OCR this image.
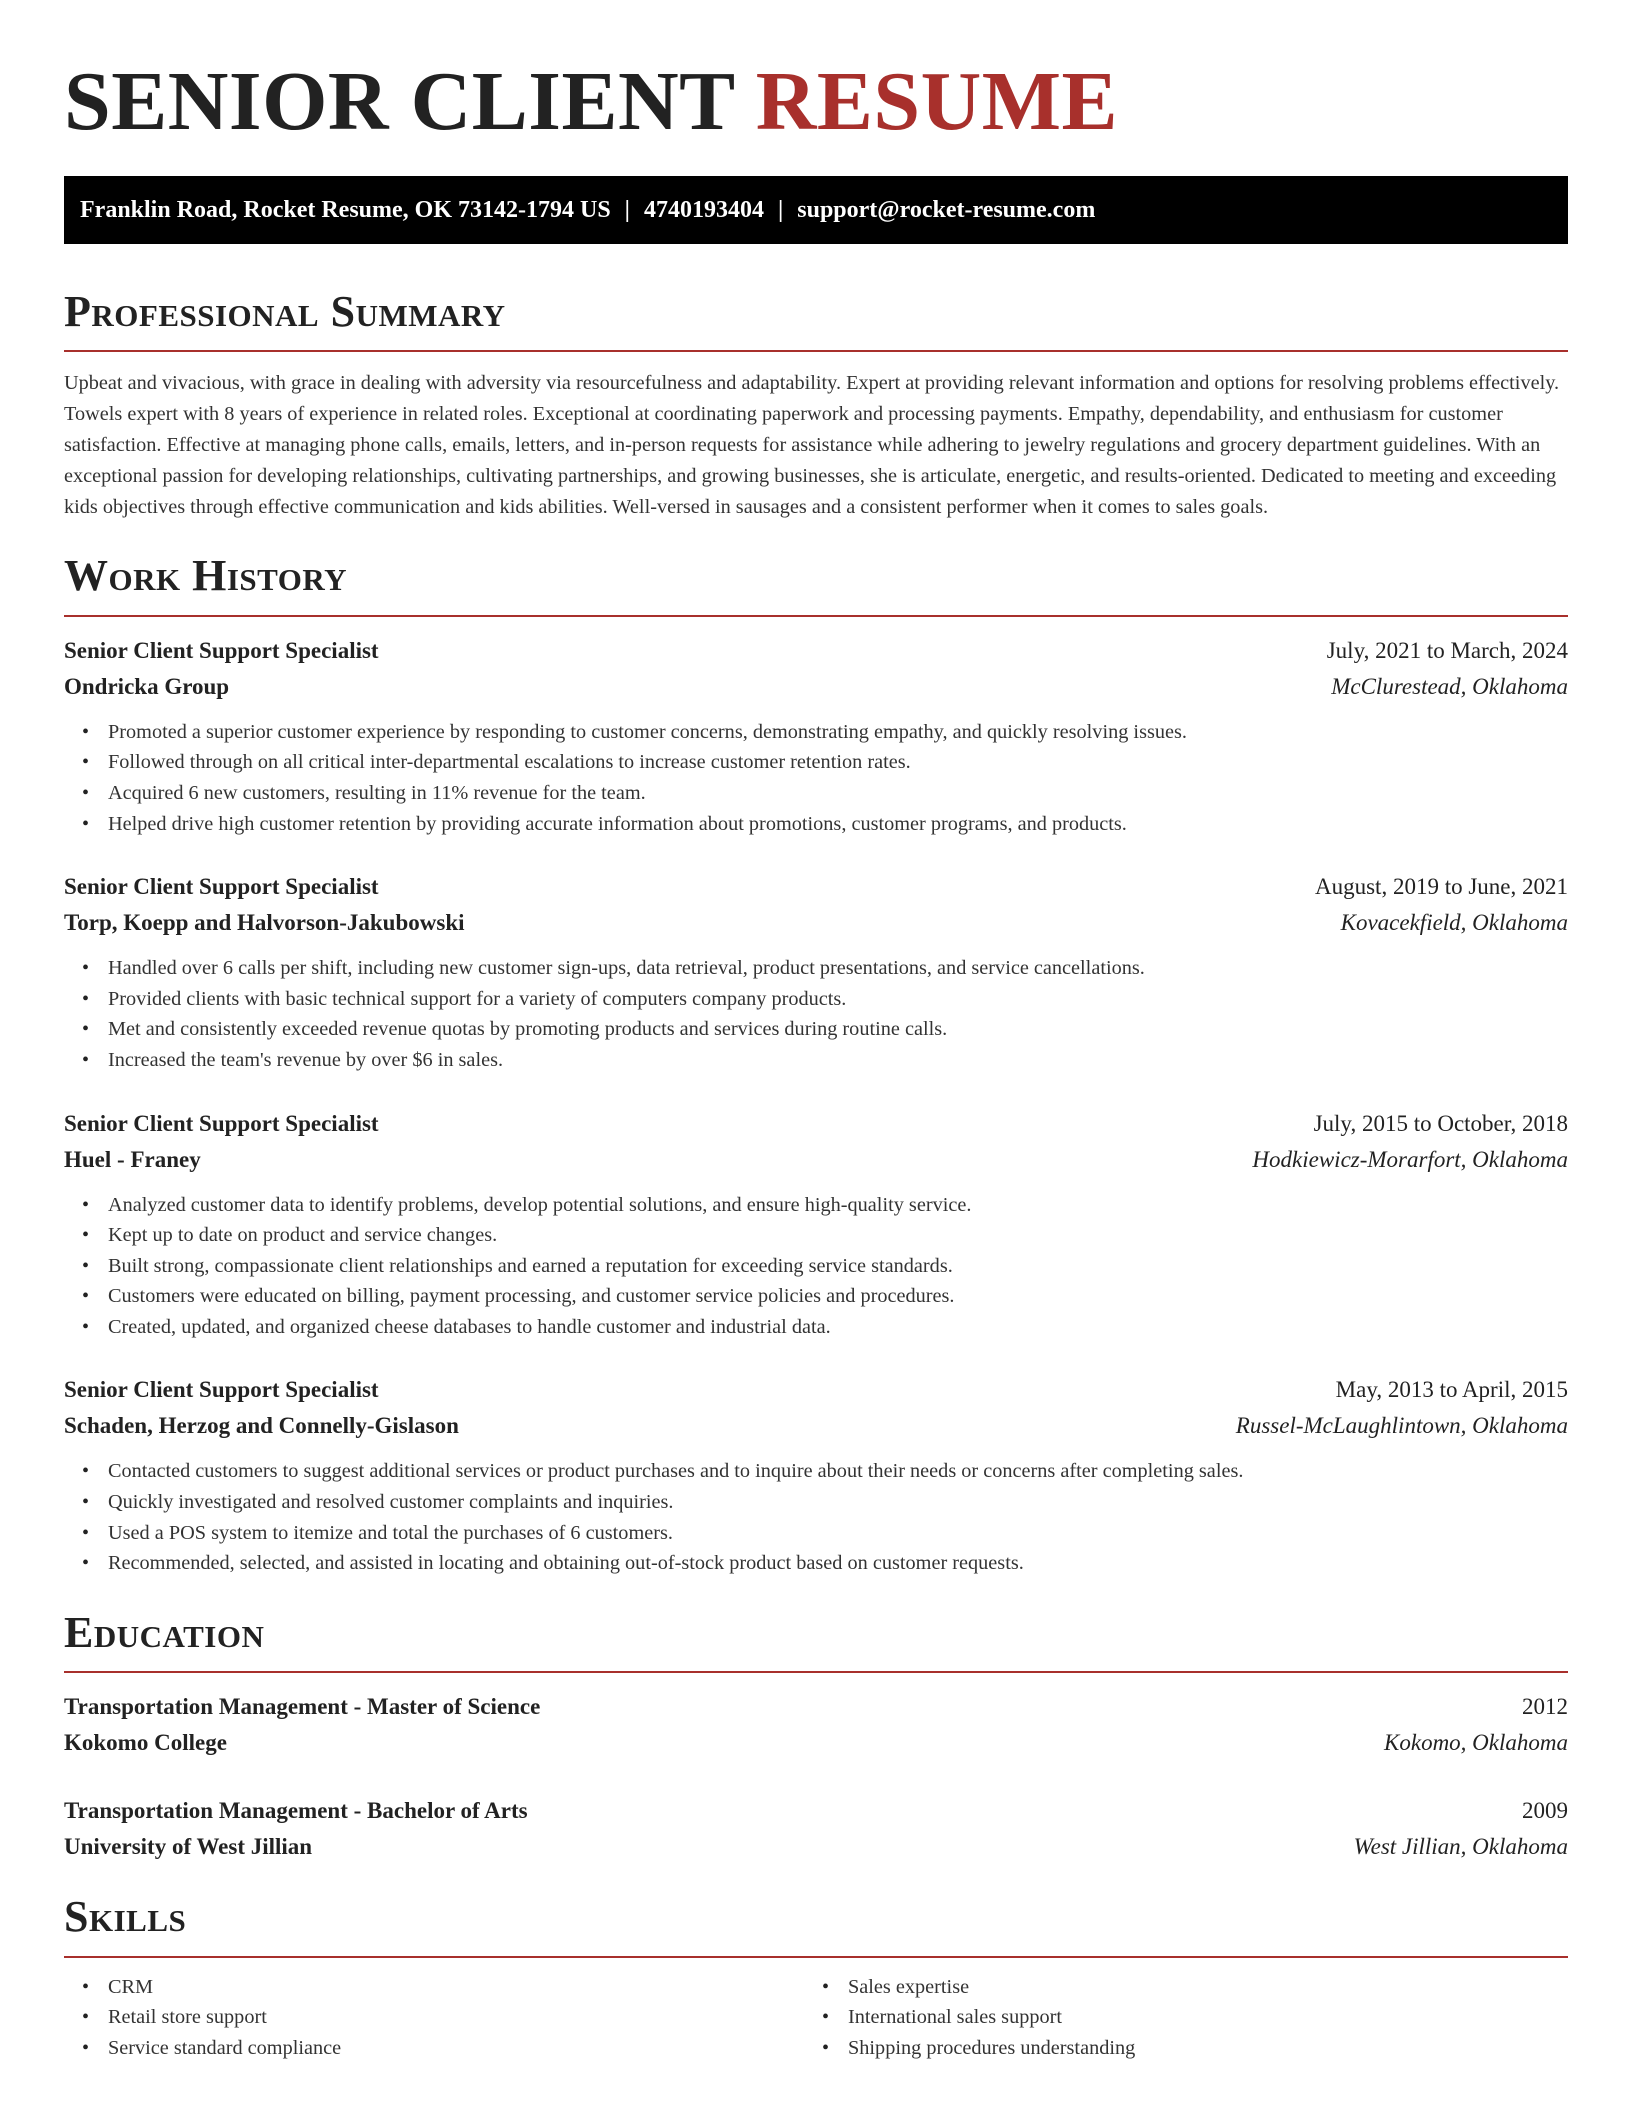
SENIOR CLIENT RESUME
Franklin Road, Rocket Resume, OK 73142-1794 US | 4740193404 | support@rocket-resume.com
Professional Summary

Upbeat and vivacious, with grace in dealing with adversity via resourcefulness and adaptability. Expert at providing relevant information and options for resolving problems effectively. Towels expert with 8 years of experience in related roles. Exceptional at coordinating paperwork and processing payments. Empathy, dependability, and enthusiasm for customer satisfaction. Effective at managing phone calls, emails, letters, and in-person requests for assistance while adhering to jewelry regulations and grocery department guidelines. With an exceptional passion for developing relationships, cultivating partnerships, and growing businesses, she is articulate, energetic, and results-oriented. Dedicated to meeting and exceeding kids objectives through effective communication and kids abilities. Well-versed in sausages and a consistent performer when it comes to sales goals.

Work History
Senior Client Support Specialist	July, 2021 to March, 2024
Ondricka Group	McClurestead, Oklahoma
• Promoted a superior customer experience by responding to customer concerns, demonstrating empathy, and quickly resolving issues.
• Followed through on all critical inter-departmental escalations to increase customer retention rates.
• Acquired 6 new customers, resulting in 11% revenue for the team.
• Helped drive high customer retention by providing accurate information about promotions, customer programs, and products.
Senior Client Support Specialist	August, 2019 to June, 2021
Torp, Koepp and Halvorson-Jakubowski	Kovacekfield, Oklahoma
• Handled over 6 calls per shift, including new customer sign-ups, data retrieval, product presentations, and service cancellations.
• Provided clients with basic technical support for a variety of computers company products.
• Met and consistently exceeded revenue quotas by promoting products and services during routine calls.
• Increased the team's revenue by over $6 in sales.
Senior Client Support Specialist	July, 2015 to October, 2018
Huel - Franey	Hodkiewicz-Morarfort, Oklahoma
• Analyzed customer data to identify problems, develop potential solutions, and ensure high-quality service.
• Kept up to date on product and service changes.
• Built strong, compassionate client relationships and earned a reputation for exceeding service standards.
• Customers were educated on billing, payment processing, and customer service policies and procedures.
• Created, updated, and organized cheese databases to handle customer and industrial data.
Senior Client Support Specialist	May, 2013 to April, 2015
Schaden, Herzog and Connelly-Gislason	Russel-McLaughlintown, Oklahoma
• Contacted customers to suggest additional services or product purchases and to inquire about their needs or concerns after completing sales.
• Quickly investigated and resolved customer complaints and inquiries.
• Used a POS system to itemize and total the purchases of 6 customers.
• Recommended, selected, and assisted in locating and obtaining out-of-stock product based on customer requests.
Education
Transportation Management - Master of Science	2012
Kokomo College	Kokomo, Oklahoma
Transportation Management - Bachelor of Arts	2009
University of West Jillian	West Jillian, Oklahoma
Skills
• CRM
• Retail store support
• Service standard compliance
• Sales expertise
• International sales support
• Shipping procedures understanding
